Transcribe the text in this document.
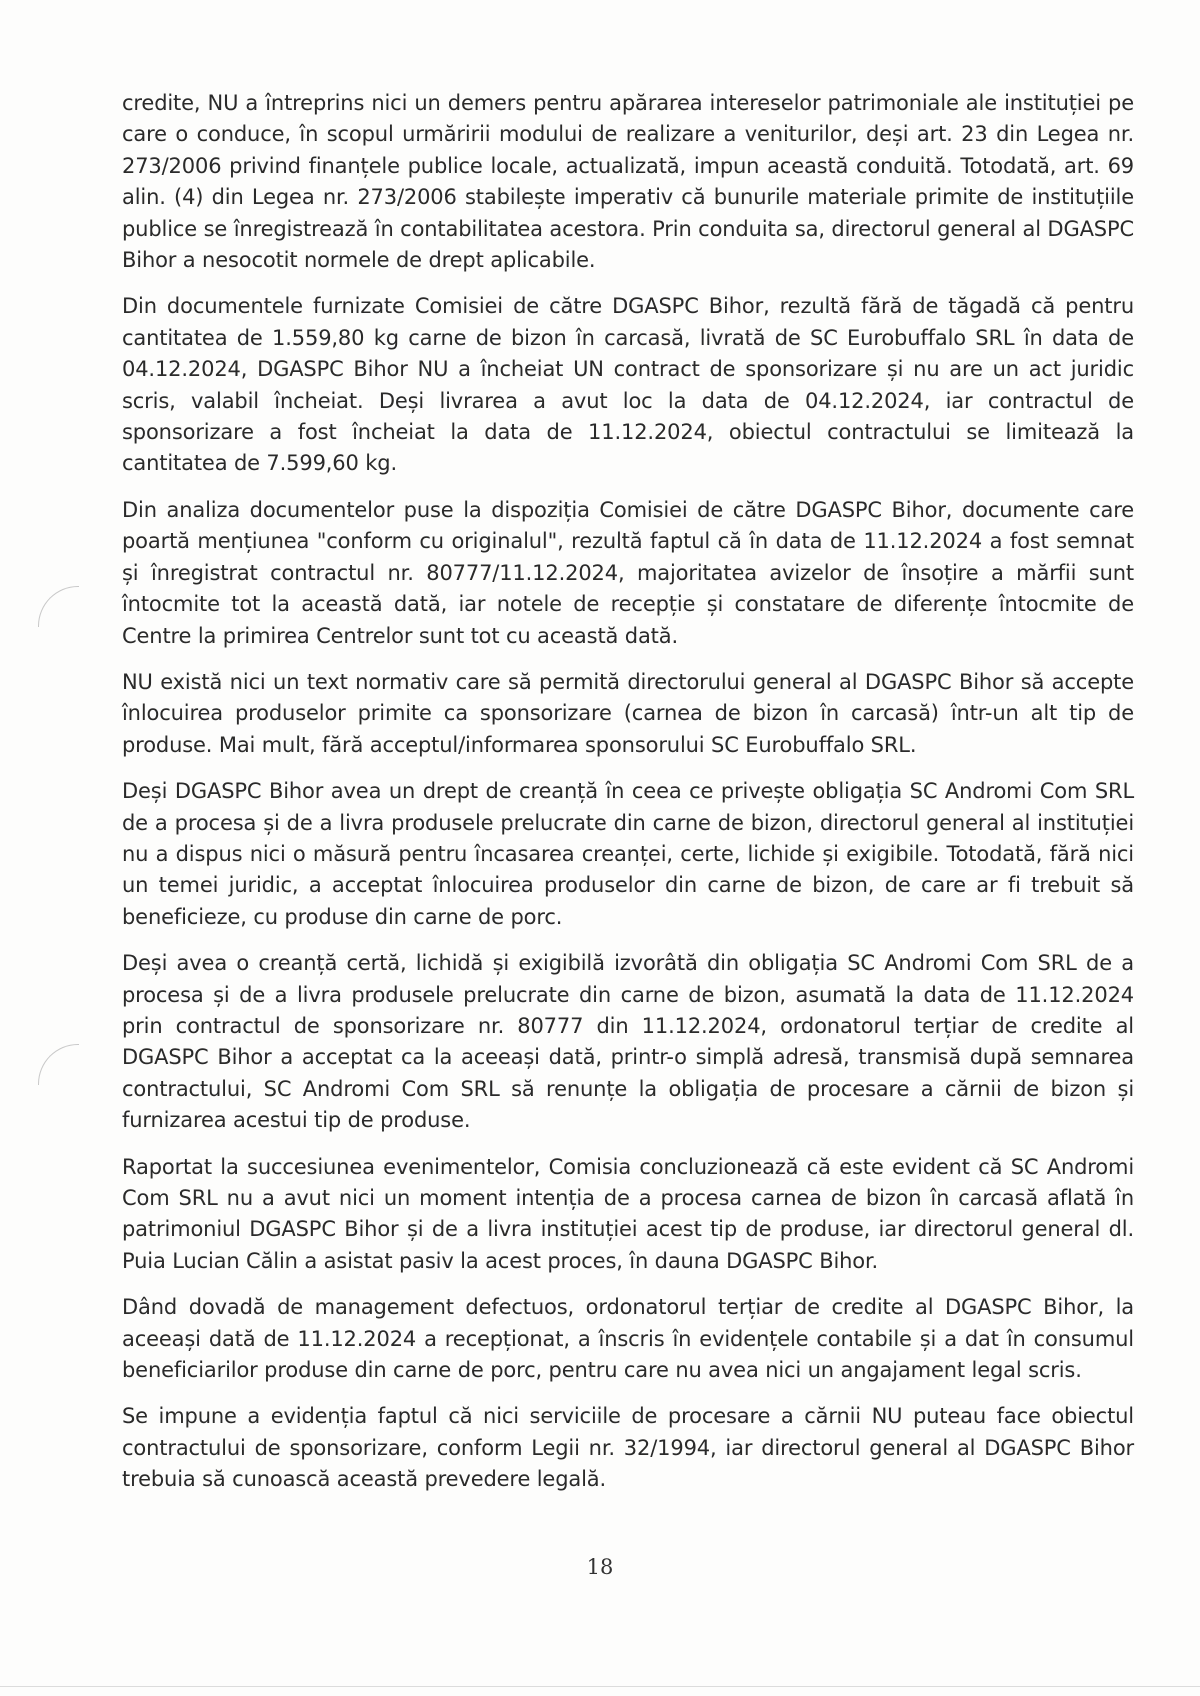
credite, NU a întreprins nici un demers pentru apărarea intereselor patrimoniale ale instituției pe care o conduce, în scopul urmăririi modului de realizare a veniturilor, deși art. 23 din Legea nr. 273/2006 privind finanțele publice locale, actualizată, impun această conduită. Totodată, art. 69 alin. (4) din Legea nr. 273/2006 stabilește imperativ că bunurile materiale primite de instituțiile publice se înregistrează în contabilitatea acestora. Prin conduita sa, directorul general al DGASPC Bihor a nesocotit normele de drept aplicabile.

Din documentele furnizate Comisiei de către DGASPC Bihor, rezultă fără de tăgadă că pentru cantitatea de 1.559,80 kg carne de bizon în carcasă, livrată de SC Eurobuffalo SRL în data de 04.12.2024, DGASPC Bihor NU a încheiat UN contract de sponsorizare și nu are un act juridic scris, valabil încheiat. Deși livrarea a avut loc la data de 04.12.2024, iar contractul de sponsorizare a fost încheiat la data de 11.12.2024, obiectul contractului se limitează la cantitatea de 7.599,60 kg.

Din analiza documentelor puse la dispoziția Comisiei de către DGASPC Bihor, documente care poartă mențiunea "conform cu originalul", rezultă faptul că în data de 11.12.2024 a fost semnat și înregistrat contractul nr. 80777/11.12.2024, majoritatea avizelor de însoțire a mărfii sunt întocmite tot la această dată, iar notele de recepție și constatare de diferențe întocmite de Centre la primirea Centrelor sunt tot cu această dată.

NU există nici un text normativ care să permită directorului general al DGASPC Bihor să accepte înlocuirea produselor primite ca sponsorizare (carnea de bizon în carcasă) într-un alt tip de produse. Mai mult, fără acceptul/informarea sponsorului SC Eurobuffalo SRL.

Deși DGASPC Bihor avea un drept de creanță în ceea ce privește obligația SC Andromi Com SRL de a procesa și de a livra produsele prelucrate din carne de bizon, directorul general al instituției nu a dispus nici o măsură pentru încasarea creanței, certe, lichide și exigibile. Totodată, fără nici un temei juridic, a acceptat înlocuirea produselor din carne de bizon, de care ar fi trebuit să beneficieze, cu produse din carne de porc.

Deși avea o creanță certă, lichidă și exigibilă izvorâtă din obligația SC Andromi Com SRL de a procesa și de a livra produsele prelucrate din carne de bizon, asumată la data de 11.12.2024 prin contractul de sponsorizare nr. 80777 din 11.12.2024, ordonatorul terțiar de credite al DGASPC Bihor a acceptat ca la aceeași dată, printr-o simplă adresă, transmisă după semnarea contractului, SC Andromi Com SRL să renunțe la obligația de procesare a cărnii de bizon și furnizarea acestui tip de produse.

Raportat la succesiunea evenimentelor, Comisia concluzionează că este evident că SC Andromi Com SRL nu a avut nici un moment intenția de a procesa carnea de bizon în carcasă aflată în patrimoniul DGASPC Bihor și de a livra instituției acest tip de produse, iar directorul general dl. Puia Lucian Călin a asistat pasiv la acest proces, în dauna DGASPC Bihor.

Dând dovadă de management defectuos, ordonatorul terțiar de credite al DGASPC Bihor, la aceeași dată de 11.12.2024 a recepționat, a înscris în evidențele contabile și a dat în consumul beneficiarilor produse din carne de porc, pentru care nu avea nici un angajament legal scris.

Se impune a evidenția faptul că nici serviciile de procesare a cărnii NU puteau face obiectul contractului de sponsorizare, conform Legii nr. 32/1994, iar directorul general al DGASPC Bihor trebuia să cunoască această prevedere legală.

18
